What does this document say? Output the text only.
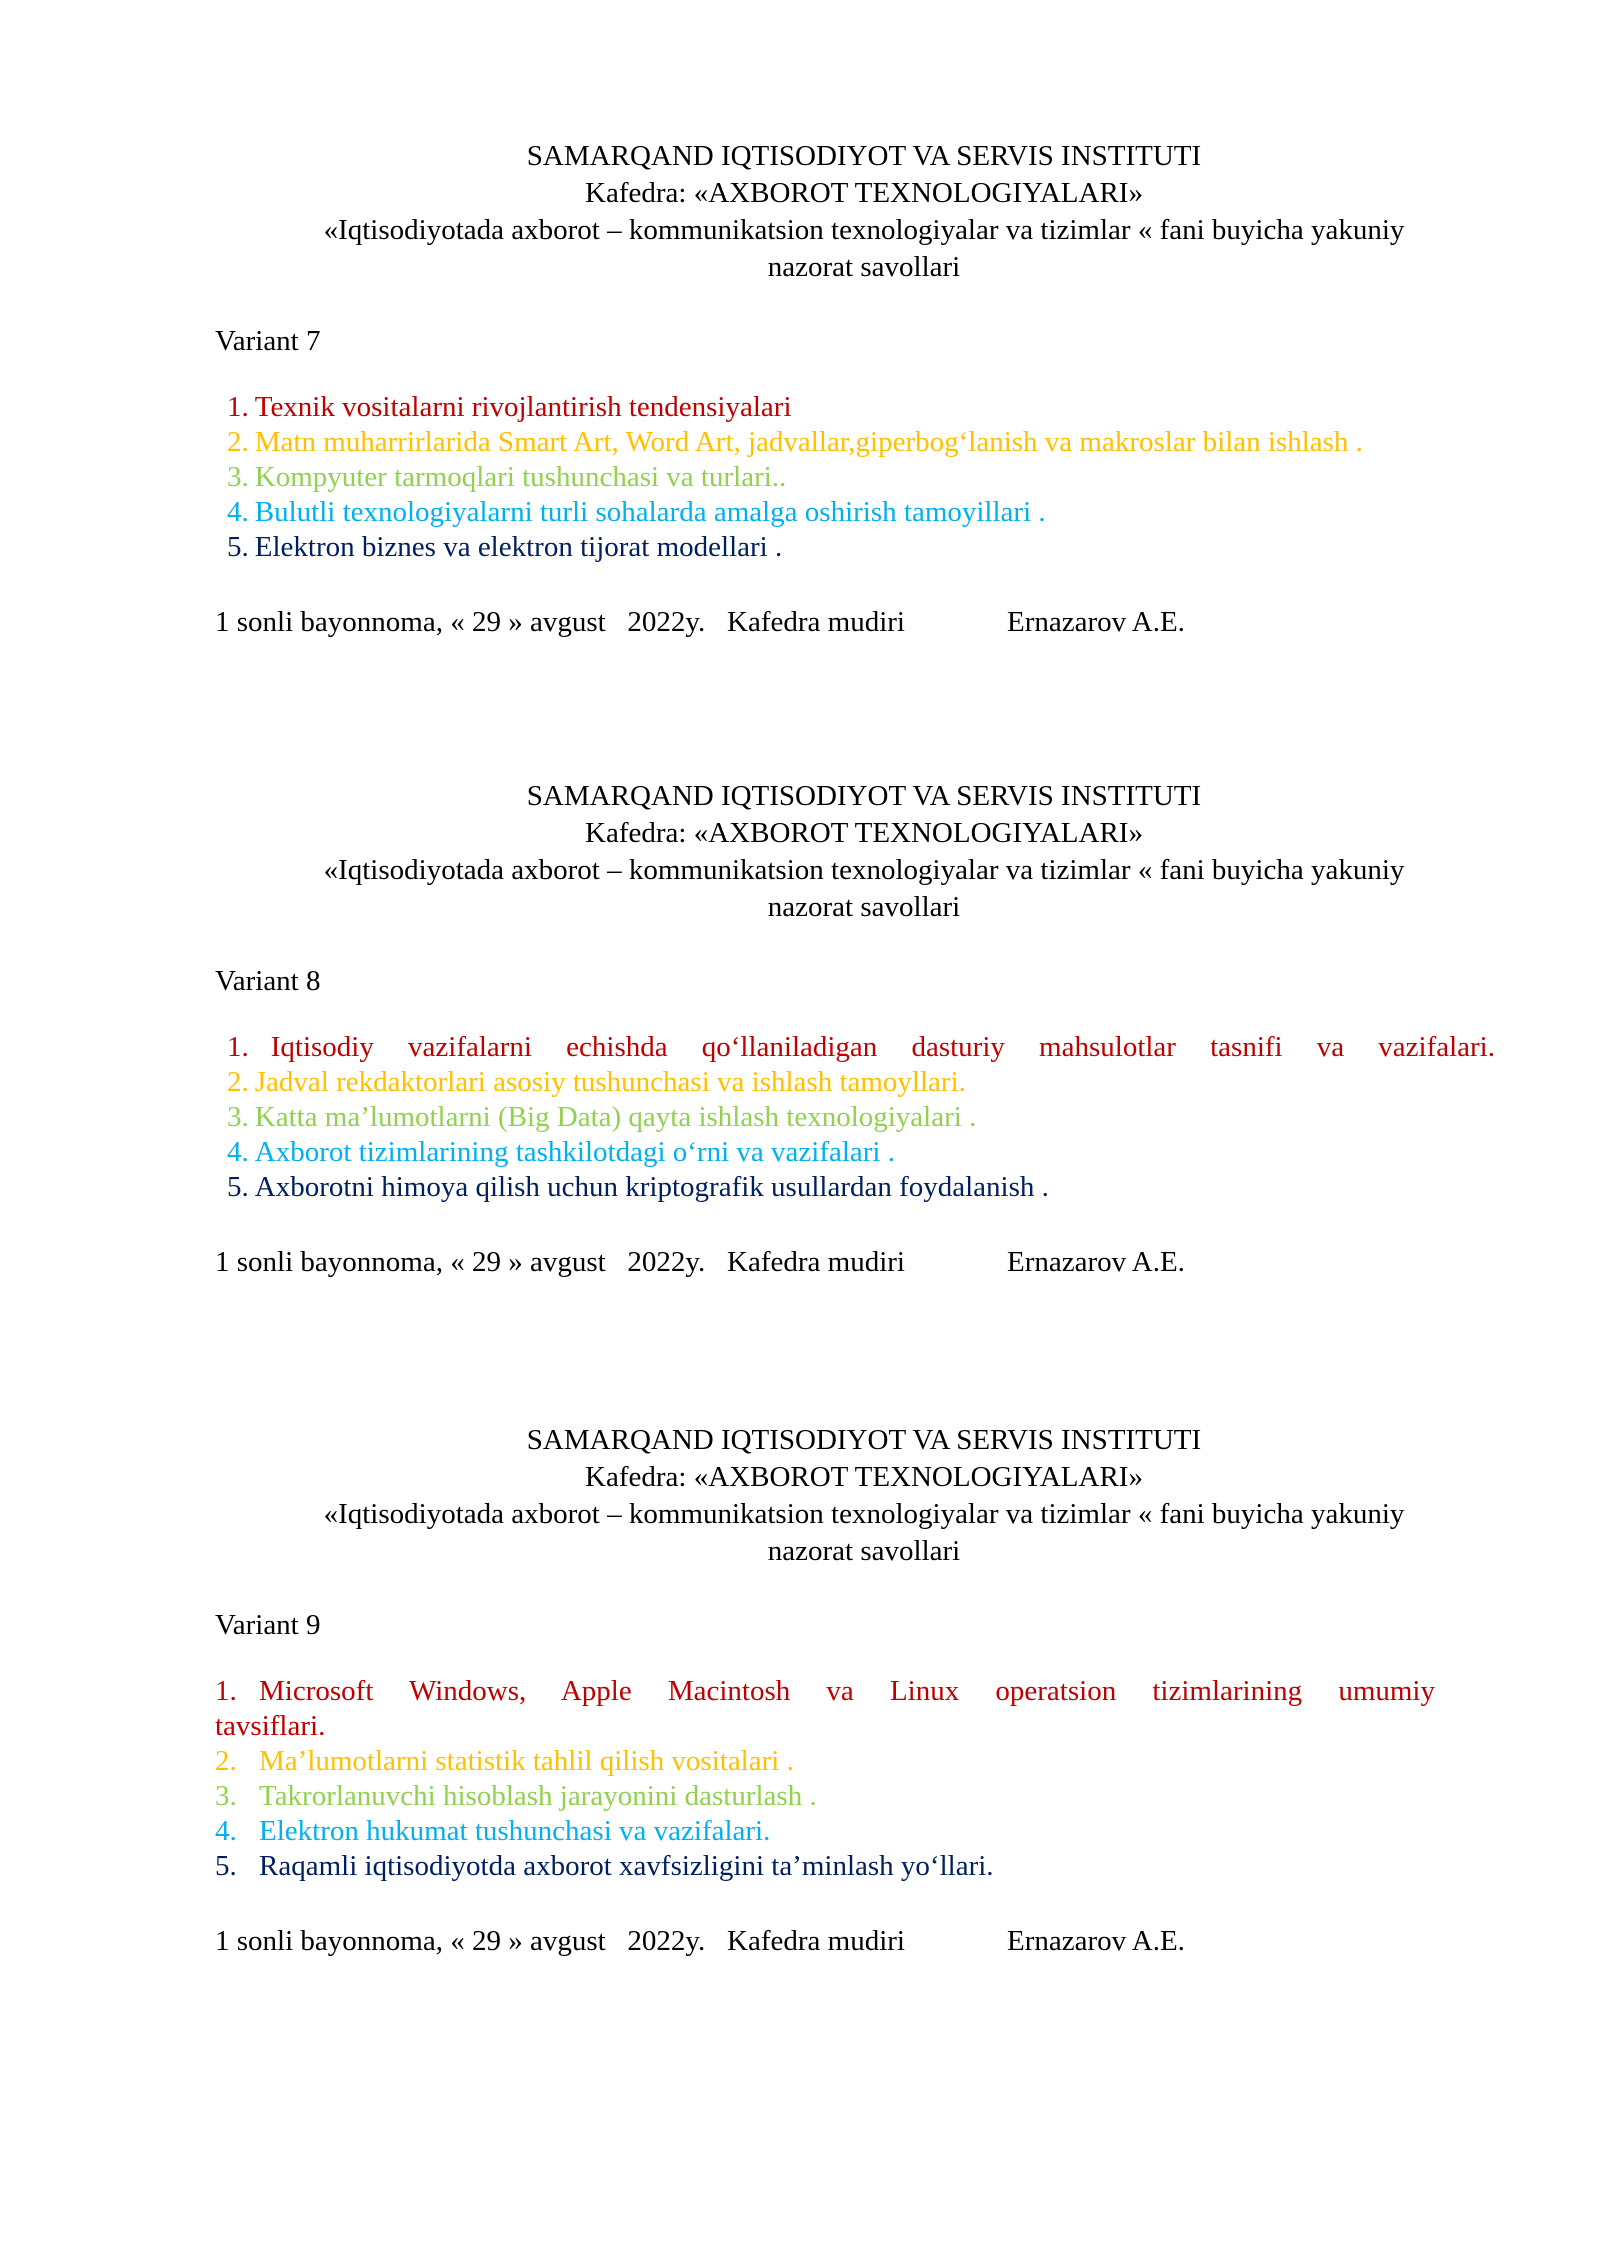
SAMARQAND IQTISODIYOT VA SERVIS INSTITUTI
Kafedra: «AXBOROT TEXNOLOGIYALARI»
«Iqtisodiyotada axborot – kommunikatsion texnologiyalar va tizimlar « fani buyicha yakuniy
nazorat savollari
Variant 7
1. Texnik vositalarni rivojlantirish tendensiyalari
2. Matn muharrirlarida Smart Art, Word Art, jadvallar,giperbog‘lanish va makroslar bilan ishlash .
3. Kompyuter tarmoqlari tushunchasi va turlari..
4. Bulutli texnologiyalarni turli sohalarda amalga oshirish tamoyillari .
5. Elektron biznes va elektron tijorat modellari .
1 sonli bayonnoma, « 29 » avgust   2022y.   Kafedra mudiri	Ernazarov A.E.
SAMARQAND IQTISODIYOT VA SERVIS INSTITUTI
Kafedra: «AXBOROT TEXNOLOGIYALARI»
«Iqtisodiyotada axborot – kommunikatsion texnologiyalar va tizimlar « fani buyicha yakuniy
nazorat savollari
Variant 8
1. Iqtisodiy vazifalarni echishda qo‘llaniladigan dasturiy mahsulotlar tasnifi va vazifalari.
2. Jadval rekdaktorlari asosiy tushunchasi va ishlash tamoyllari.
3. Katta ma’lumotlarni (Big Data) qayta ishlash texnologiyalari .
4. Axborot tizimlarining tashkilotdagi o‘rni va vazifalari .
5. Axborotni himoya qilish uchun kriptografik usullardan foydalanish .
1 sonli bayonnoma, « 29 » avgust   2022y.   Kafedra mudiri	Ernazarov A.E.
SAMARQAND IQTISODIYOT VA SERVIS INSTITUTI
Kafedra: «AXBOROT TEXNOLOGIYALARI»
«Iqtisodiyotada axborot – kommunikatsion texnologiyalar va tizimlar « fani buyicha yakuniy
nazorat savollari
Variant 9
1. Microsoft Windows, Apple Macintosh va Linux operatsion tizimlarining umumiy
tavsiflari.
2. Ma’lumotlarni statistik tahlil qilish vositalari .
3. Takrorlanuvchi hisoblash jarayonini dasturlash .
4. Elektron hukumat tushunchasi va vazifalari.
5. Raqamli iqtisodiyotda axborot xavfsizligini ta’minlash yo‘llari.
1 sonli bayonnoma, « 29 » avgust   2022y.   Kafedra mudiri	Ernazarov A.E.
